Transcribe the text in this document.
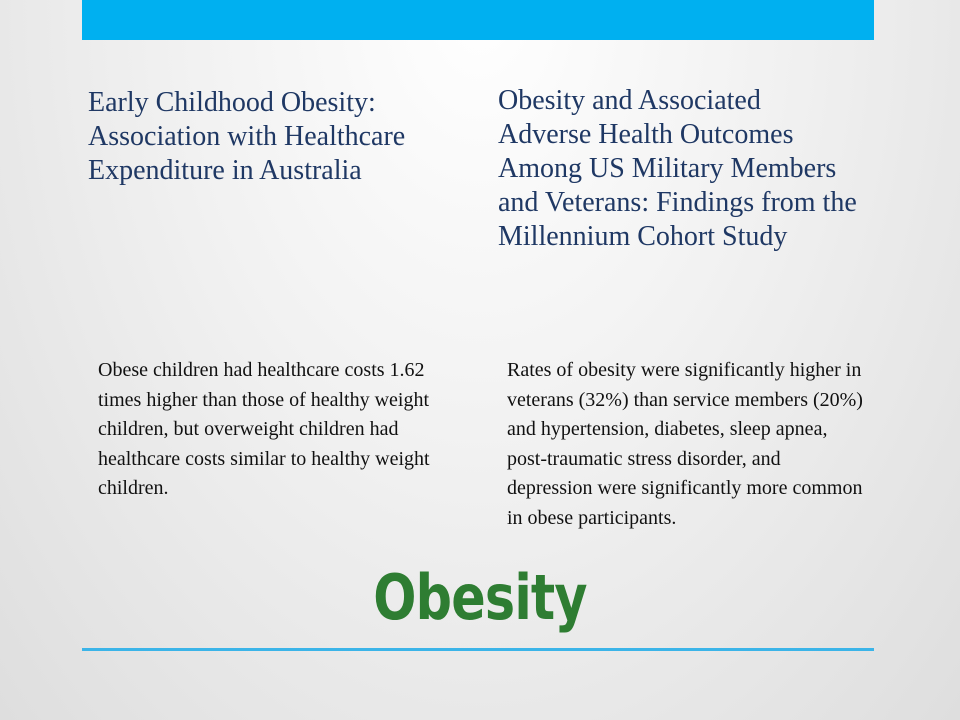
Early Childhood Obesity: Association with Healthcare Expenditure in Australia
Obesity and Associated Adverse Health Outcomes Among US Military Members and Veterans: Findings from the Millennium Cohort Study

Obese children had healthcare costs 1.62 times higher than those of healthy weight children, but overweight children had healthcare costs similar to healthy weight children.

Rates of obesity were significantly higher in veterans (32%) than service members (20%) and hypertension, diabetes, sleep apnea, post-traumatic stress disorder, and depression were significantly more common in obese participants.

Obesity
